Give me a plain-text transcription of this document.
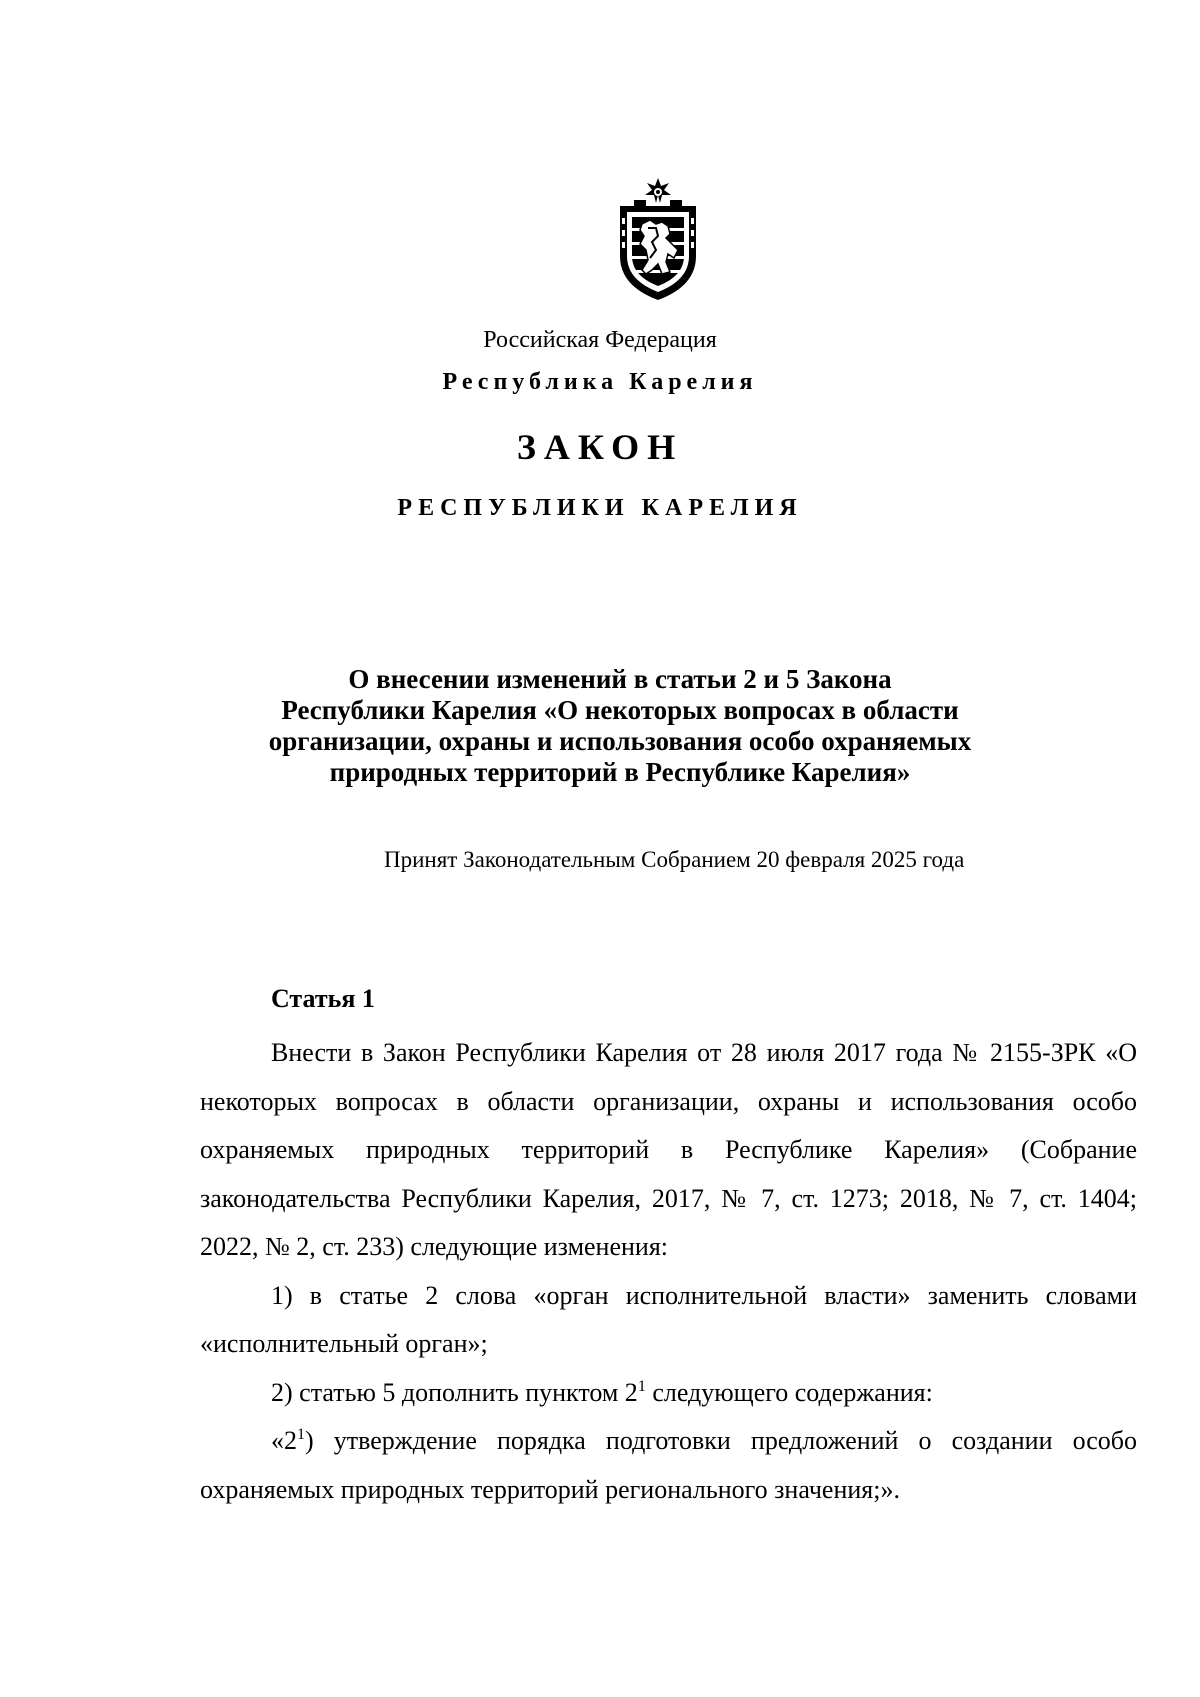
Российская Федерация
Республика Карелия
ЗАКОН
РЕСПУБЛИКИ КАРЕЛИЯ
О внесении изменений в статьи 2 и 5 Закона
Республики Карелия «О некоторых вопросах в области
организации, охраны и использования особо охраняемых
природных территорий в Республике Карелия»
Принят Законодательным Собранием 20 февраля 2025 года
Статья 1

Внести в Закон Республики Карелия от 28 июля 2017 года № 2155-ЗРК «О некоторых вопросах в области организации, охраны и использования особо охраняемых природных территорий в Республике Карелия» (Собрание законодательства Республики Карелия, 2017, № 7, ст. 1273; 2018, № 7, ст. 1404; 2022, № 2, ст. 233) следующие изменения:

1) в статье 2 слова «орган исполнительной власти» заменить словами «исполнительный орган»;

2) статью 5 дополнить пунктом $2^1$ следующего содержания:

«$2^1$) утверждение порядка подготовки предложений о создании особо охраняемых природных территорий регионального значения;».
